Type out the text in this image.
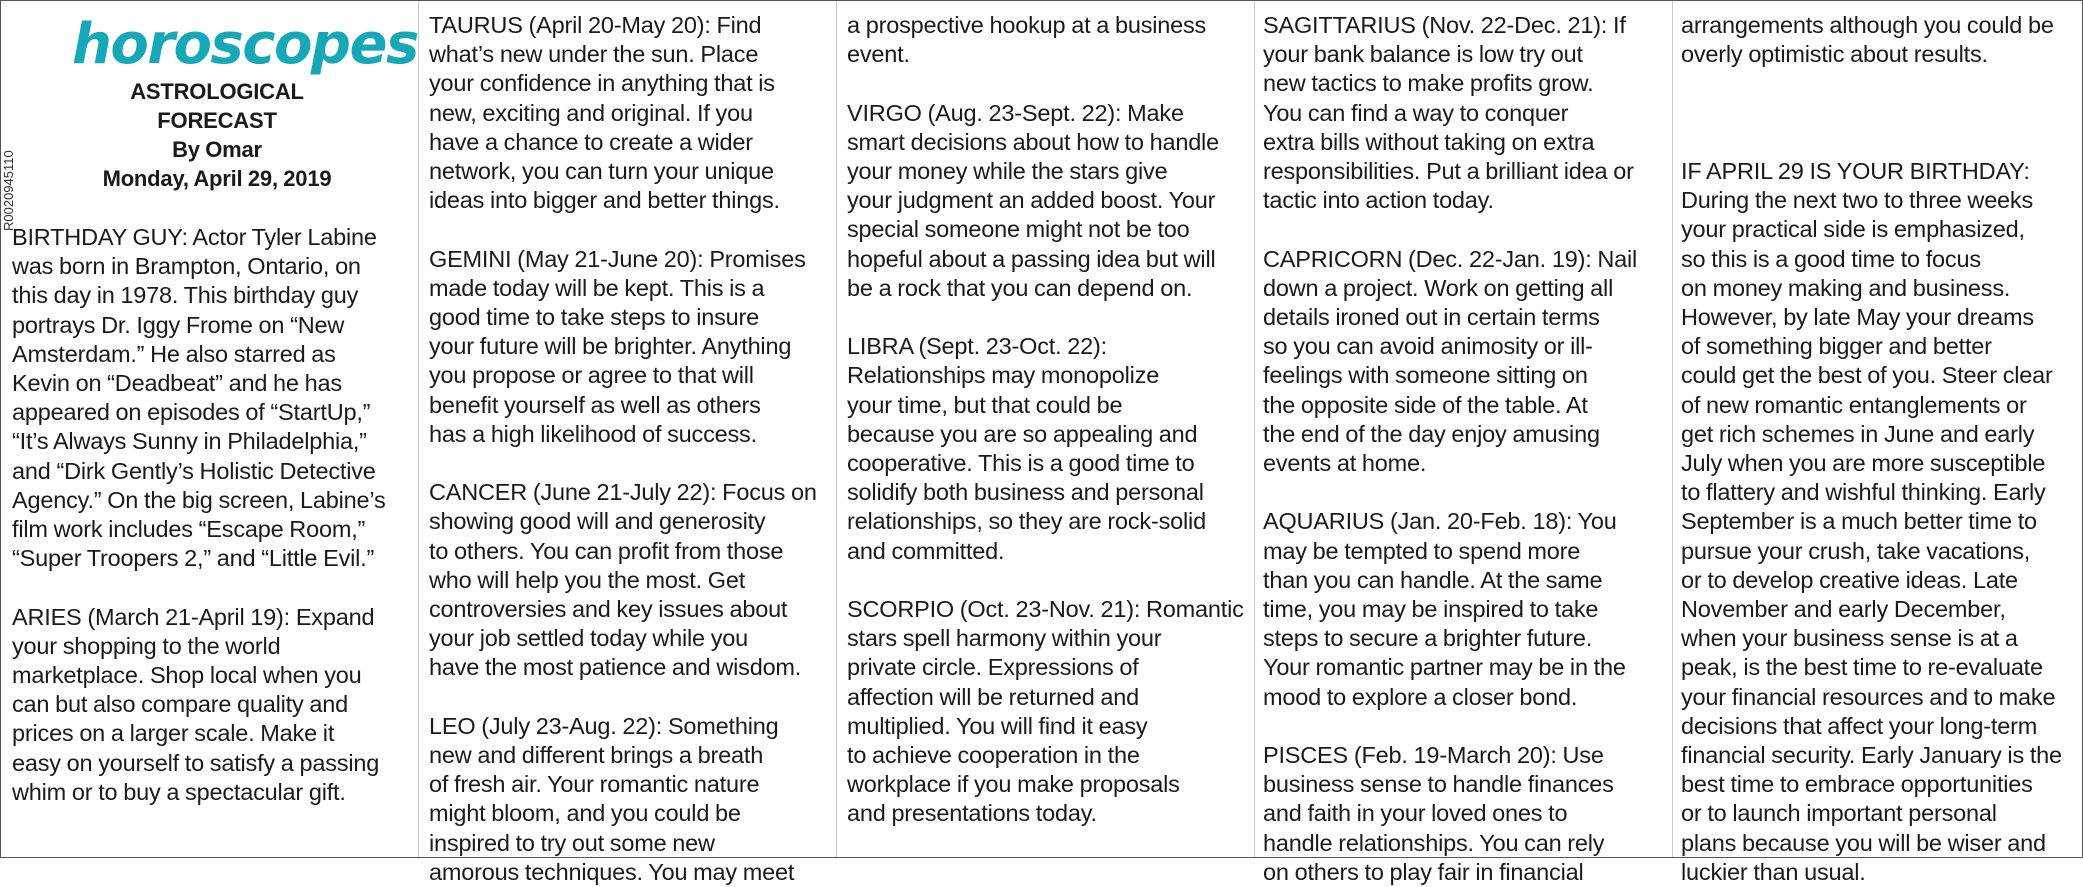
R0020945110
horoscopes
ASTROLOGICAL FORECAST
By Omar
Monday, April 29, 2019

BIRTHDAY GUY: Actor Tyler Labine
was born in Brampton, Ontario, on
this day in 1978. This birthday guy
portrays Dr. Iggy Frome on “New
Amsterdam.” He also starred as
Kevin on “Deadbeat” and he has
appeared on episodes of “StartUp,”
“It’s Always Sunny in Philadelphia,”
and “Dirk Gently’s Holistic Detective
Agency.” On the big screen, Labine’s
film work includes “Escape Room,”
“Super Troopers 2,” and “Little Evil.”

ARIES (March 21-April 19): Expand
your shopping to the world
marketplace. Shop local when you
can but also compare quality and
prices on a larger scale. Make it
easy on yourself to satisfy a passing
whim or to buy a spectacular gift.

TAURUS (April 20-May 20): Find
what’s new under the sun. Place
your confidence in anything that is
new, exciting and original. If you
have a chance to create a wider
network, you can turn your unique
ideas into bigger and better things.

GEMINI (May 21-June 20): Promises
made today will be kept. This is a
good time to take steps to insure
your future will be brighter. Anything
you propose or agree to that will
benefit yourself as well as others
has a high likelihood of success.

CANCER (June 21-July 22): Focus on
showing good will and generosity
to others. You can profit from those
who will help you the most. Get
controversies and key issues about
your job settled today while you
have the most patience and wisdom.

LEO (July 23-Aug. 22): Something
new and different brings a breath
of fresh air. Your romantic nature
might bloom, and you could be
inspired to try out some new
amorous techniques. You may meet

a prospective hookup at a business
event.

VIRGO (Aug. 23-Sept. 22): Make
smart decisions about how to handle
your money while the stars give
your judgment an added boost. Your
special someone might not be too
hopeful about a passing idea but will
be a rock that you can depend on.

LIBRA (Sept. 23-Oct. 22):
Relationships may monopolize
your time, but that could be
because you are so appealing and
cooperative. This is a good time to
solidify both business and personal
relationships, so they are rock-solid
and committed.

SCORPIO (Oct. 23-Nov. 21): Romantic
stars spell harmony within your
private circle. Expressions of
affection will be returned and
multiplied. You will find it easy
to achieve cooperation in the
workplace if you make proposals
and presentations today.

SAGITTARIUS (Nov. 22-Dec. 21): If
your bank balance is low try out
new tactics to make profits grow.
You can find a way to conquer
extra bills without taking on extra
responsibilities. Put a brilliant idea or
tactic into action today.

CAPRICORN (Dec. 22-Jan. 19): Nail
down a project. Work on getting all
details ironed out in certain terms
so you can avoid animosity or ill-
feelings with someone sitting on
the opposite side of the table. At
the end of the day enjoy amusing
events at home.

AQUARIUS (Jan. 20-Feb. 18): You
may be tempted to spend more
than you can handle. At the same
time, you may be inspired to take
steps to secure a brighter future.
Your romantic partner may be in the
mood to explore a closer bond.

PISCES (Feb. 19-March 20): Use
business sense to handle finances
and faith in your loved ones to
handle relationships. You can rely
on others to play fair in financial

arrangements although you could be
overly optimistic about results.

IF APRIL 29 IS YOUR BIRTHDAY:
During the next two to three weeks
your practical side is emphasized,
so this is a good time to focus
on money making and business.
However, by late May your dreams
of something bigger and better
could get the best of you. Steer clear
of new romantic entanglements or
get rich schemes in June and early
July when you are more susceptible
to flattery and wishful thinking. Early
September is a much better time to
pursue your crush, take vacations,
or to develop creative ideas. Late
November and early December,
when your business sense is at a
peak, is the best time to re-evaluate
your financial resources and to make
decisions that affect your long-term
financial security. Early January is the
best time to embrace opportunities
or to launch important personal
plans because you will be wiser and
luckier than usual.
